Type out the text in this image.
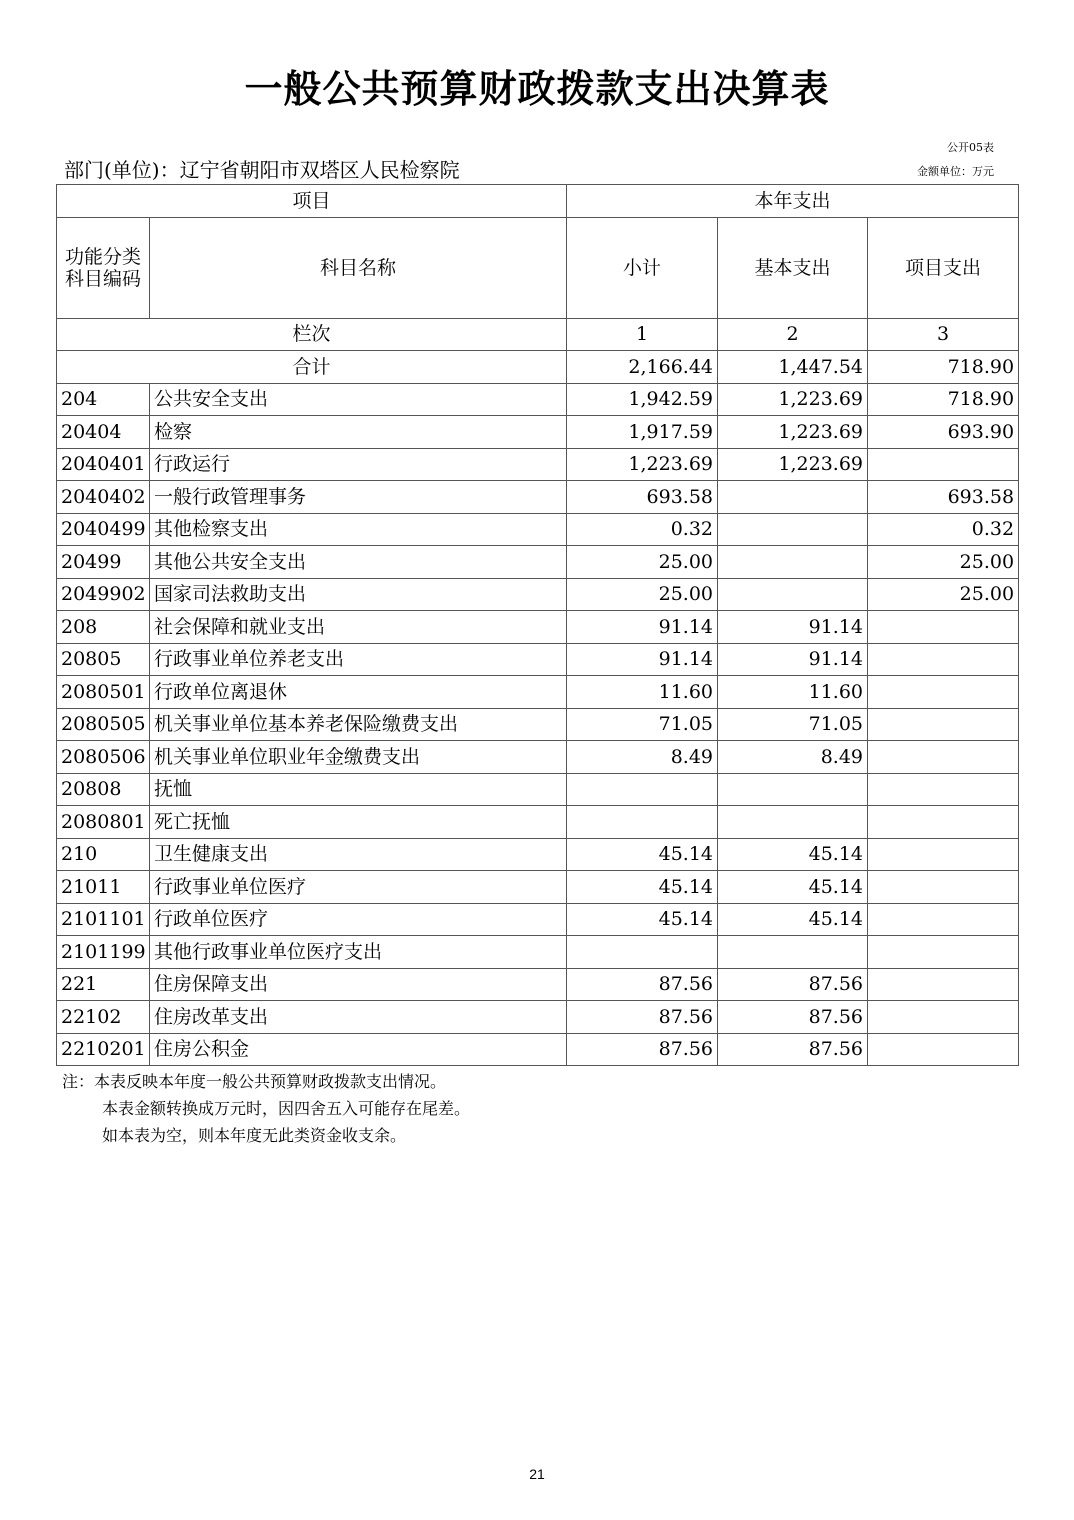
一般公共预算财政拨款支出决算表
公开05表
部门(单位)：辽宁省朝阳市双塔区人民检察院	金额单位：万元
项目		本年支出		
功能分类科目编码	科目名称	小计	基本支出	项目支出
栏次		1	2	3
合计		2,166.44	1,447.54	718.90
204	公共安全支出	1,942.59	1,223.69	718.90
20404	检察	1,917.59	1,223.69	693.90
2040401	行政运行	1,223.69	1,223.69	
2040402	一般行政管理事务	693.58		693.58
2040499	其他检察支出	0.32		0.32
20499	其他公共安全支出	25.00		25.00
2049902	国家司法救助支出	25.00		25.00
208	社会保障和就业支出	91.14	91.14	
20805	行政事业单位养老支出	91.14	91.14	
2080501	行政单位离退休	11.60	11.60	
2080505	机关事业单位基本养老保险缴费支出	71.05	71.05	
2080506	机关事业单位职业年金缴费支出	8.49	8.49	
20808	抚恤			
2080801	死亡抚恤			
210	卫生健康支出	45.14	45.14	
21011	行政事业单位医疗	45.14	45.14	
2101101	行政单位医疗	45.14	45.14	
2101199	其他行政事业单位医疗支出			
221	住房保障支出	87.56	87.56	
22102	住房改革支出	87.56	87.56	
2210201	住房公积金	87.56	87.56	
注：本表反映本年度一般公共预算财政拨款支出情况。
本表金额转换成万元时，因四舍五入可能存在尾差。
如本表为空，则本年度无此类资金收支余。
21
